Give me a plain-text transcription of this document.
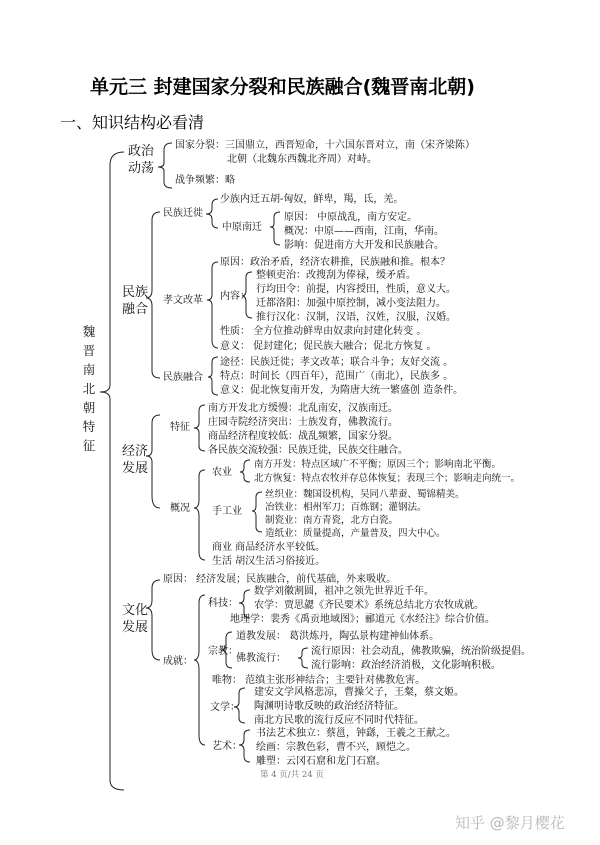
单元三 封建国家分裂和民族融合(魏晋南北朝)
一、知识结构必看清
魏晋南北朝特征
政治动荡
国家分裂：三国鼎立，西晋短命，十六国东晋对立，南（宋齐梁陈）
北朝（北魏东西魏北齐周）对峙。
战争频繁：略
民族融合
民族迁徙
少族内迁五胡-匈奴，鲜卑，羯，氐，羌。
中原南迁
原因： 中原战乱，南方安定。
概况：中原——西南，江南，华南。
影响：促进南方大开发和民族融合。
孝文改革
原因：政治矛盾，经济农耕推，民族融和推。根本？
内容：
整顿吏治：改搜刮为俸禄，缓矛盾。
行均田令：前提，内容授田，性质，意义大。
迁都洛阳：加强中原控制，减小变法阻力。
推行汉化：汉制，汉语，汉姓，汉服，汉婚。
性质： 全方位推动鲜卑由奴隶向封建化转变 。
意义： 促封建化；促民族大融合；促北方恢复 。
民族融合
途径：民族迁徙；孝文改革；联合斗争；友好交流 。
特点：时间长（四百年），范围广（南北），民族多 。
意义：促北恢复南开发，为隋唐大统一繁盛创 造条件。
经济发展
特征
南方开发北方缓慢：北乱南安，汉族南迁。
庄园寺院经济突出：士族发育，佛教流行。
商品经济程度较低：战乱频繁，国家分裂。
各民族交流较强：民族迁徙，民族交往融合。
概况
农业
南方开发：特点区域广不平衡；原因三个；影响南北平衡。
北方恢复：特点农牧并存总体恢复；表现三个；影响走向统一。
手工业
丝织业：魏国设机构，吴同八辈蚕、蜀锦精美。
冶铁业：相州军刀；百炼钢；灌钢法。
制瓷业：南方青瓷，北方白瓷。
造纸业：质量提高，产量普及，四大中心。
商业 商品经济水平较低。
生活 胡汉生活习俗接近。
文化发展
原因： 经济发展；民族融合，前代基础，外来吸收。
成就：
科技：
数学刘徽割圆，祖冲之领先世界近千年。
农学：贾思勰《齐民要术》系统总结北方农牧成就。
地理学：裴秀《禹贡地域图》；郦道元《水经注》综合价值。
宗教：
道教发展： 葛洪炼丹，陶弘景构建神仙体系。
佛教流行：
流行原因：社会动乱，佛教欺骗，统治阶级提倡。
流行影响：政治经济消极，文化影响积极。
唯物： 范缜主张形神结合；主要针对佛教危害。
文学：
建安文学风格悲凉，曹操父子，王粲，蔡文姬。
陶渊明诗歌反映的政治经济特征。
南北方民歌的流行反应不同时代特征。
艺术：
书法艺术独立：蔡邕，钟繇，王羲之王献之。
绘画：宗教色彩，曹不兴，顾恺之。
雕塑：云冈石窟和龙门石窟。
第 4 页/共 24 页
知乎 @黎月樱花
